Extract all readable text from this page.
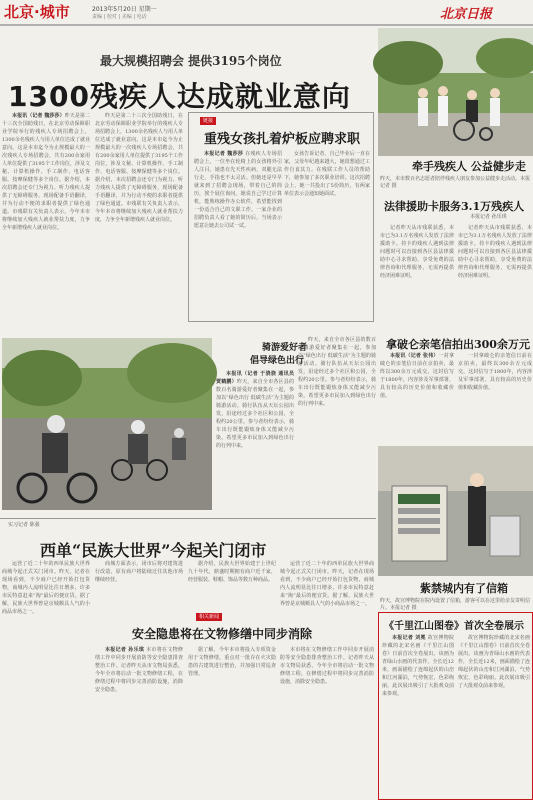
北京·城市	2013年5月20日 星期一
责编 | 校对 | 美编 | 电话	北京日报
最大规模招聘会 提供3195个岗位
1300残疾人达成就业意向

本报讯（记者 魏莎莎）昨天是第二十三次全国助残日，在北京劳动保障职业学院举行的残疾人专场招聘会上，1300余名残疾人与用人单位达成了就业意向。这是本市迄今为止规模最大的一次残疾人专场招聘会，共有200余家用人单位提供了3195个工作岗位，涉及文秘、计算机操作、手工制作、电话客服、按摩保健等多个岗位。据介绍，本次招聘会还专门为视力、听力残疾人提供了无障碍服务，现场配备手语翻译，并为行动不便的求职者提供了绿色通道。市残联有关负责人表示，今年本市将继续加大残疾人就业帮扶力度，力争全年新增残疾人就业岗位。

昨天是第二十三次全国助残日，在北京劳动保障职业学院举行的残疾人专场招聘会上，1300余名残疾人与用人单位达成了就业意向。这是本市迄今为止规模最大的一次残疾人专场招聘会，共有200余家用人单位提供了3195个工作岗位，涉及文秘、计算机操作、手工制作、电话客服、按摩保健等多个岗位。据介绍，本次招聘会还专门为视力、听力残疾人提供了无障碍服务，现场配备手语翻译，并为行动不便的求职者提供了绿色通道。市残联有关负责人表示，今年本市将继续加大残疾人就业帮扶力度，力争全年新增残疾人就业岗位。

链接
重残女孩扎着炉板应聘求职

本报记者 魏莎莎 在残疾人专场招聘会上，一位坐在轮椅上的女孩格外引人注目。她患有先天性疾病，双腿无法行走，手指也不太灵活。但她还是早早就来到了招聘会现场，带着自己的简历，挨个展位询问。她说自己学过计算机，能熟练操作办公软件，希望能找到一份适合自己的文职工作。一家企业的招聘负责人看了她的简历后，当场表示愿意让她去公司试一试。

女孩告诉记者，自己毕业后一直在家，父母年纪越来越大，她很想通过工作自食其力。在残联工作人员的帮助下，她参加了多次职业培训。这次招聘会上，她一共投出了5份简历，有两家单位表示会通知她面试。

骑游爱好者
倡导绿色出行

本报讯（记者 于骁骁 通讯员 贾鹤鹏）昨天，来自全市各区县的数百名骑游爱好者聚集在一起，参加以“绿色出行 低碳生活”为主题的骑游活动。骑行队伍从天坛公园出发，沿途经过多个社区和公园，全程约20公里。参与者纷纷表示，骑车出行既能锻炼身体又能减少污染，希望更多市民加入到绿色出行的行列中来。

昨天，来自全市各区县的数百名骑游爱好者聚集在一起，参加以“绿色出行 低碳生活”为主题的骑游活动。骑行队伍从天坛公园出发，沿途经过多个社区和公园，全程约20公里。参与者纷纷表示，骑车出行既能锻炼身体又能减少污染，希望更多市民加入到绿色出行的行列中来。

实习记者 陈强
西单“民族大世界”今起关门闭市

运营了近二十年的西单民族大世界商城今起正式关门闭市。昨天，记者在现场看到，不少商户已经开始打包货物，商城内人流明显比往日增多，许多市民特意赶来“淘”最后的便宜货。据了解，民族大世界曾是京城颇具人气的小商品市场之一。

商城方面表示，闭市后将对建筑进行改造，原有商户将陆续迁往其他市场继续经营。

据介绍，民族大世界始建于上世纪九十年代，鼎盛时期拥有商户近千家，经营服装、鞋帽、饰品等数万种商品。

运营了近二十年的西单民族大世界商城今起正式关门闭市。昨天，记者在现场看到，不少商户已经开始打包货物，商城内人流明显比往日增多，许多市民特意赶来“淘”最后的便宜货。据了解，民族大世界曾是京城颇具人气的小商品市场之一。

相关新闻
安全隐患将在文物修缮中同步消除

本报记者 孙乐琪 本市将在文物修缮工作中同步开展消防等安全隐患排查整治工作。记者昨天从市文物局获悉，今年全市将启动一批文物修缮工程，在修缮过程中将同步完善消防设施，消除安全隐患。

据了解，今年本市将投入专项资金用于文物修缮，重点对一批存在火灾隐患的古建筑进行整治，并加强日常巡查管理。

本市将在文物修缮工作中同步开展消防等安全隐患排查整治工作。记者昨天从市文物局获悉，今年全市将启动一批文物修缮工程，在修缮过程中将同步完善消防设施，消除安全隐患。

牵手残疾人 公益健步走
昨天，本市数百名志愿者陪伴残疾人朋友参加公益健步走活动。本报记者 摄
法律援助卡服务3.1万残疾人
本报记者 孙乐琪

记者昨天从市残联获悉，本市已为3.1万名残疾人发放了法律援助卡。持卡的残疾人遇到法律问题时可以直接到各区县法律援助中心寻求帮助，享受免费的法律咨询和代理服务，无需再提供经济困难证明。

记者昨天从市残联获悉，本市已为3.1万名残疾人发放了法律援助卡。持卡的残疾人遇到法律问题时可以直接到各区县法律援助中心寻求帮助，享受免费的法律咨询和代理服务，无需再提供经济困难证明。

拿破仑亲笔信拍出300余万元

本报讯（记者 张伟）一封拿破仑的亲笔信日前在京拍卖，最终以300余万元成交。这封信写于1800年，内容涉及军事部署，具有较高的历史价值和收藏价值。

一封拿破仑的亲笔信日前在京拍卖，最终以300余万元成交。这封信写于1800年，内容涉及军事部署，具有较高的历史价值和收藏价值。

紫禁城内有了信箱
昨天，故宫博物院在院内设置了信箱，游客可以在这里给亲友寄明信片。本报记者 摄
《千里江山图卷》首次全卷展示

本报记者 刘冕 故宫博物院珍藏的北宋名画《千里江山图卷》日前首次全卷展出。该画为青绿山水画的代表作，全长近12米，画面描绘了连绵起伏的山峦和江河湖泊，气势恢宏，色彩绚丽。此次展出吸引了大批观众前来参观。

故宫博物院珍藏的北宋名画《千里江山图卷》日前首次全卷展出。该画为青绿山水画的代表作，全长近12米，画面描绘了连绵起伏的山峦和江河湖泊，气势恢宏，色彩绚丽。此次展出吸引了大批观众前来参观。
